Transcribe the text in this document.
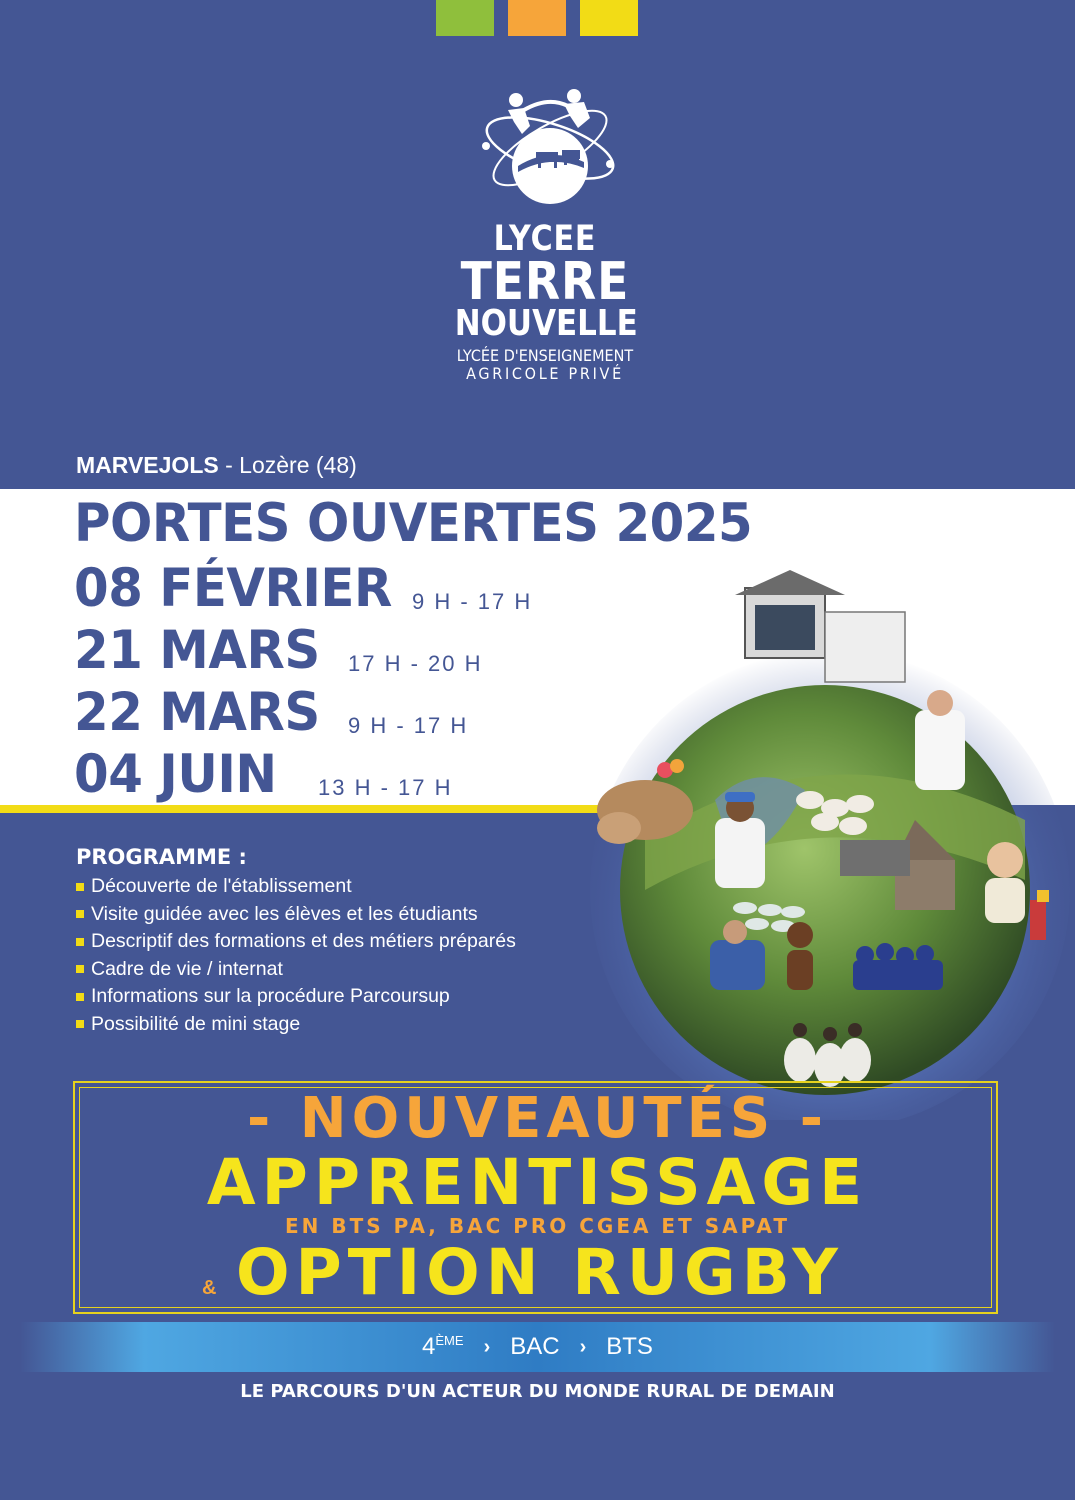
LYCEE
TERRE
NOUVELLE
LYCÉE D'ENSEIGNEMENT
AGRICOLE PRIVÉ
MARVEJOLS - Lozère (48)
PORTES OUVERTES 2025
08 FÉVRIER 9 H - 17 H
21 MARS 17 H - 20 H
22 MARS 9 H - 17 H
04 JUIN 13 H - 17 H
PROGRAMME :
Découverte de l'établissement
Visite guidée avec les élèves et les étudiants
Descriptif des formations et des métiers préparés
Cadre de vie / internat
Informations sur la procédure Parcoursup
Possibilité de mini stage
- NOUVEAUTÉS -
APPRENTISSAGE
EN BTS PA, BAC PRO CGEA ET SAPAT
& OPTION RUGBY
4ÈME › BAC › BTS
LE PARCOURS D'UN ACTEUR DU MONDE RURAL DE DEMAIN
